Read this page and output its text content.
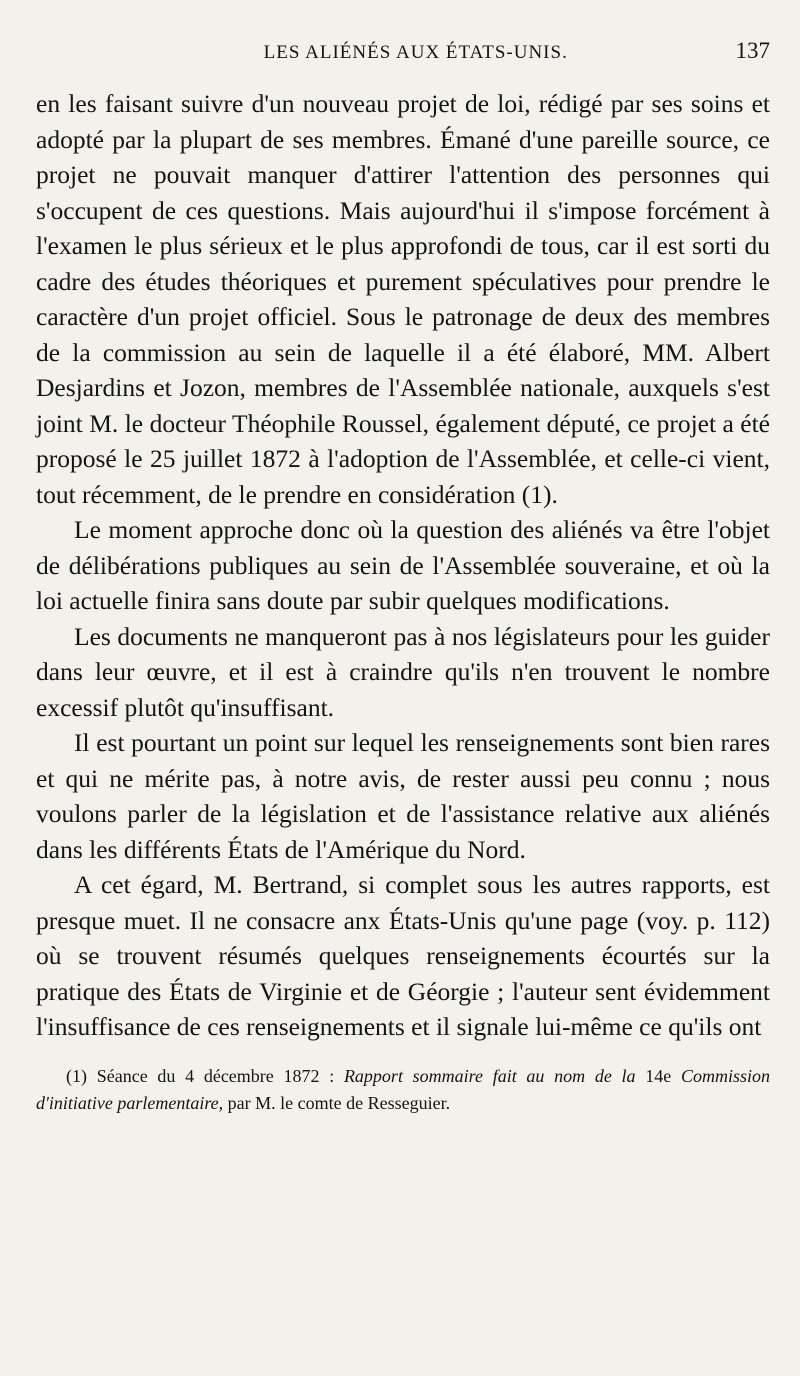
LES ALIÉNÉS AUX ÉTATS-UNIS.	137

en les faisant suivre d'un nouveau projet de loi, rédigé par ses soins et adopté par la plupart de ses membres. Émané d'une pareille source, ce projet ne pouvait manquer d'attirer l'attention des personnes qui s'occupent de ces questions. Mais aujourd'hui il s'impose forcément à l'examen le plus sérieux et le plus approfondi de tous, car il est sorti du cadre des études théoriques et purement spéculatives pour prendre le caractère d'un projet officiel. Sous le patronage de deux des membres de la commission au sein de laquelle il a été élaboré, MM. Albert Desjardins et Jozon, membres de l'Assemblée nationale, auxquels s'est joint M. le docteur Théophile Roussel, également député, ce projet a été proposé le 25 juillet 1872 à l'adoption de l'Assemblée, et celle-ci vient, tout récemment, de le prendre en considération (1).

Le moment approche donc où la question des aliénés va être l'objet de délibérations publiques au sein de l'Assemblée souveraine, et où la loi actuelle finira sans doute par subir quelques modifications.

Les documents ne manqueront pas à nos législateurs pour les guider dans leur œuvre, et il est à craindre qu'ils n'en trouvent le nombre excessif plutôt qu'insuffisant.

Il est pourtant un point sur lequel les renseignements sont bien rares et qui ne mérite pas, à notre avis, de rester aussi peu connu ; nous voulons parler de la législation et de l'assistance relative aux aliénés dans les différents États de l'Amérique du Nord.

A cet égard, M. Bertrand, si complet sous les autres rapports, est presque muet. Il ne consacre anx États-Unis qu'une page (voy. p. 112) où se trouvent résumés quelques renseignements écourtés sur la pratique des États de Virginie et de Géorgie ; l'auteur sent évidemment l'insuffisance de ces renseignements et il signale lui-même ce qu'ils ont

(1) Séance du 4 décembre 1872 : Rapport sommaire fait au nom de la 14e Commission d'initiative parlementaire, par M. le comte de Resseguier.
